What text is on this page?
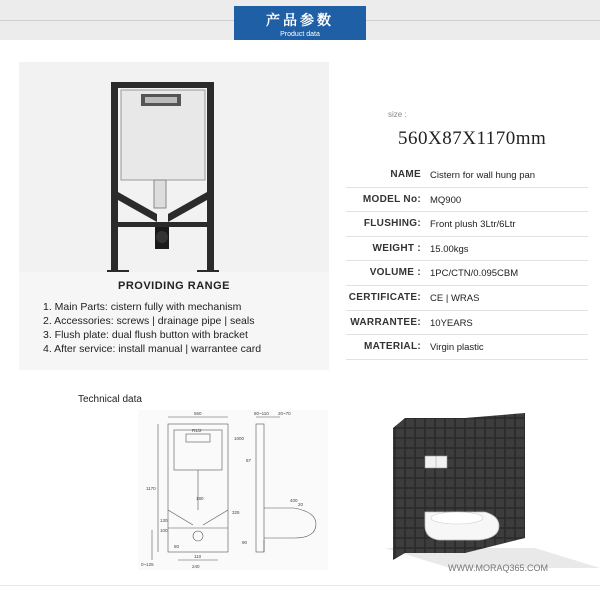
产品参数
Product data
PROVIDING RANGE
1. Main Parts: cistern fully with mechanism
2. Accessories: screws | drainage pipe | seals
3. Flush plate: dual flush button with bracket
4. After service: install manual | warrantee card
size :
560X87X1170mm
NAME Cistern for wall hung pan
MODEL No: MQ900
FLUSHING: Front plush 3Ltr/6Ltr
WEIGHT : 15.00kgs
VOLUME : 1PC/CTN/0.095CBM
CERTIFICATE: CE | WRAS
WARRANTEE: 10YEARS
MATERIAL: Virgin plastic
Technical data
560
R1/2
80~110 20~70
1000
87
1170
400
180
130
325
100
20
90
80
0~125
110
240	WWW.MORAQ365.COM
